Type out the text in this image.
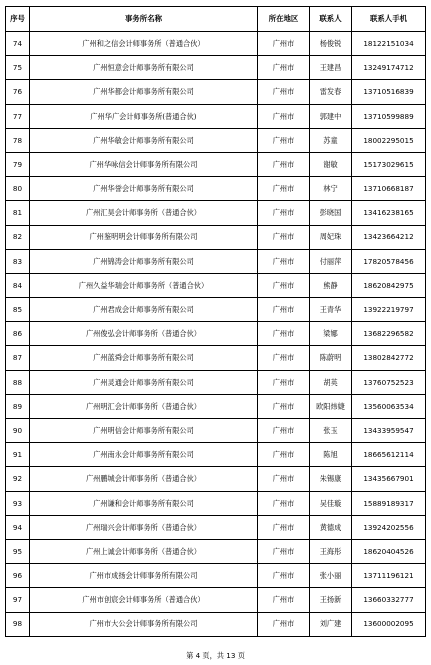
序号	事务所名称	所在地区	联系人	联系人手机
74	广州和之信会计师事务所（普通合伙）	广州市	杨俊锐	18122151034
75	广州恒意会计师事务所有限公司	广州市	王建昌	13249174712
76	广州华都会计师事务所有限公司	广州市	雷发春	13710516839
77	广州华广会计师事务所(普通合伙)	广州市	郭建中	13710599889
78	广州华敏会计师事务所有限公司	广州市	苏童	18002295015
79	广州华咏信会计师事务所有限公司	广州市	谢敏	15173029615
80	广州华誉会计师事务所有限公司	广州市	林宁	13710668187
81	广州汇昊会计师事务所（普通合伙）	广州市	彭晓国	13416238165
82	广州鉴明明会计师事务所有限公司	广州市	周妃珠	13423664212
83	广州锦涛会计师事务所有限公司	广州市	付丽萍	17820578456
84	广州久益华瑞会计师事务所（普通合伙）	广州市	熊静	18620842975
85	广州君成会计师事务所有限公司	广州市	王青华	13922219797
86	广州俊弘会计师事务所（普通合伙）	广州市	梁娜	13682296582
87	广州蓝舜会计师事务所有限公司	广州市	陈蔚明	13802842772
88	广州灵通会计师事务所有限公司	广州市	胡英	13760752523
89	广州明汇会计师事务所（普通合伙）	广州市	欧阳炜婕	13560063534
90	广州明信会计师事务所有限公司	广州市	张玉	13433959547
91	广州南永会计师事务所有限公司	广州市	陈旭	18665612114
92	广州鹏城会计师事务所（普通合伙）	广州市	朱锡康	13435667901
93	广州谦和会计师事务所有限公司	广州市	吴佳璇	15889189317
94	广州瑞兴会计师事务所（普通合伙）	广州市	黄德成	13924202556
95	广州上诚会计师事务所（普通合伙）	广州市	王海彤	18620404526
96	广州市成扬会计师事务所有限公司	广州市	张小丽	13711196121
97	广州市创宸会计师事务所（普通合伙）	广州市	王扬新	13660332777
98	广州市大公会计师事务所有限公司	广州市	刘广建	13600002095
第 4 页，共 13 页
